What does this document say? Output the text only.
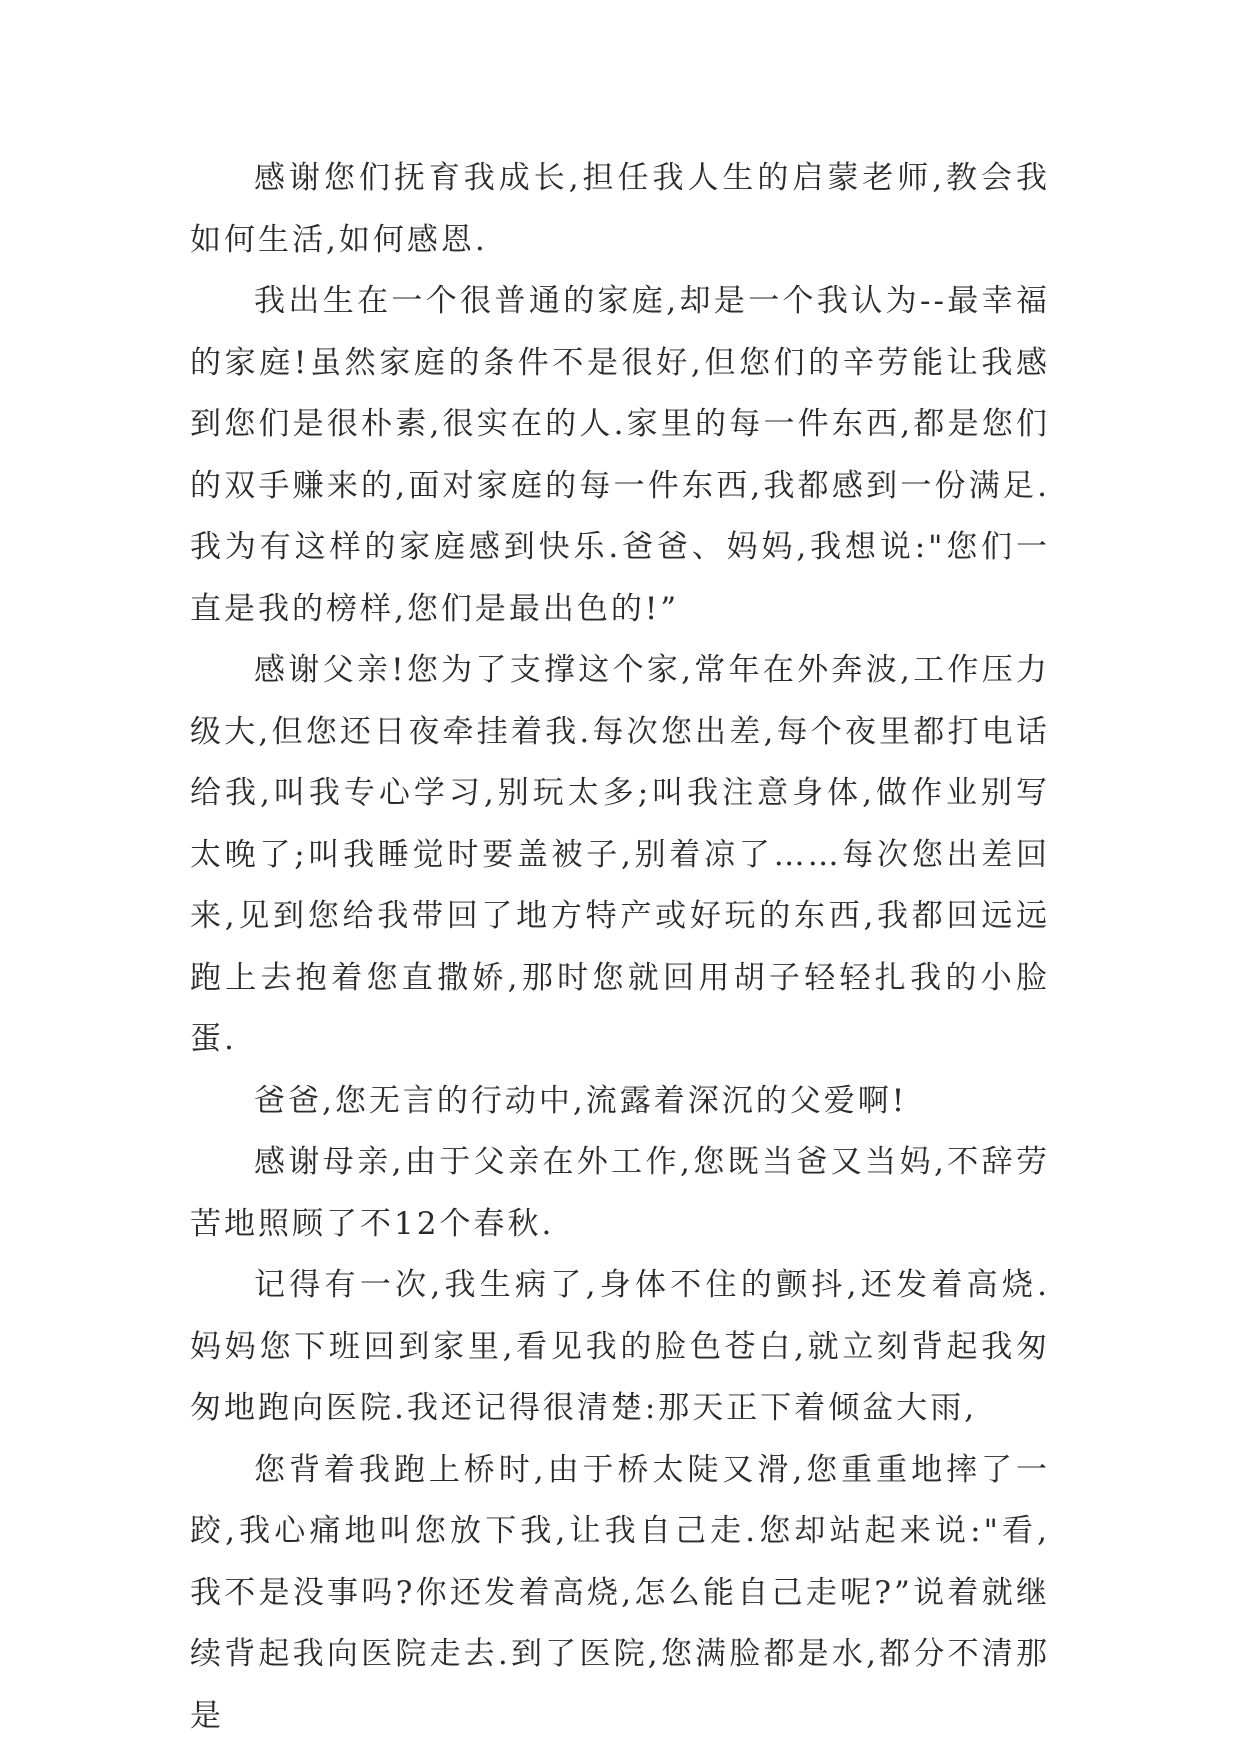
感谢您们抚育我成长,担任我人生的启蒙老师,教会我如何生活,如何感恩.

我出生在一个很普通的家庭,却是一个我认为--最幸福的家庭!虽然家庭的条件不是很好,但您们的辛劳能让我感到您们是很朴素,很实在的人.家里的每一件东西,都是您们的双手赚来的,面对家庭的每一件东西,我都感到一份满足.我为有这样的家庭感到快乐.爸爸、妈妈,我想说:"您们一直是我的榜样,您们是最出色的!”

感谢父亲!您为了支撑这个家,常年在外奔波,工作压力级大,但您还日夜牵挂着我.每次您出差,每个夜里都打电话给我,叫我专心学习,别玩太多;叫我注意身体,做作业别写太晚了;叫我睡觉时要盖被子,别着凉了……每次您出差回来,见到您给我带回了地方特产或好玩的东西,我都回远远跑上去抱着您直撒娇,那时您就回用胡子轻轻扎我的小脸蛋.

爸爸,您无言的行动中,流露着深沉的父爱啊!

感谢母亲,由于父亲在外工作,您既当爸又当妈,不辞劳苦地照顾了不12个春秋.

记得有一次,我生病了,身体不住的颤抖,还发着高烧.妈妈您下班回到家里,看见我的脸色苍白,就立刻背起我匆匆地跑向医院.我还记得很清楚:那天正下着倾盆大雨,

您背着我跑上桥时,由于桥太陡又滑,您重重地摔了一跤,我心痛地叫您放下我,让我自己走.您却站起来说:"看,我不是没事吗?你还发着高烧,怎么能自己走呢?”说着就继续背起我向医院走去.到了医院,您满脸都是水,都分不清那是
